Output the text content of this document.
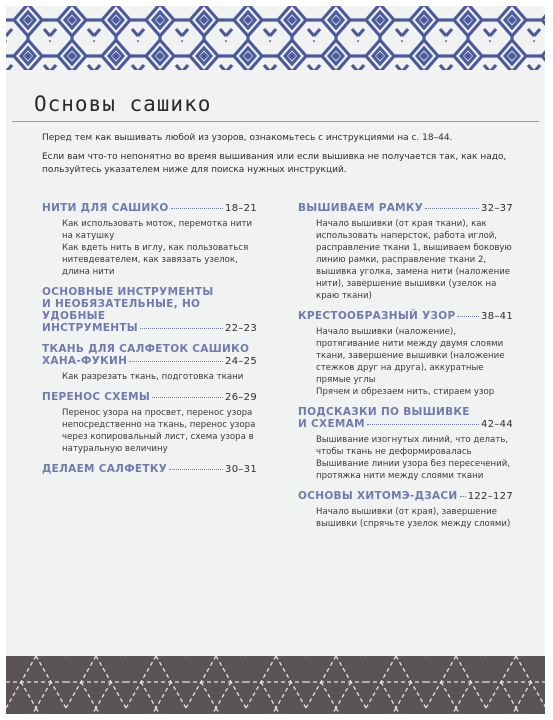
Основы сашико
Перед тем как вышивать любой из узоров, ознакомьтесь с инструкциями на с. 18–44.
Если вам что-то непонятно во время вышивания или если вышивка не получается так, как надо, пользуйтесь указателем ниже для поиска нужных инструкций.
НИТИ ДЛЯ САШИКО	18–21
Как использовать моток, перемотка нити на катушку
Как вдеть нить в иглу, как пользоваться нитевдевателем, как завязать узелок, длина нити
ОСНОВНЫЕ ИНСТРУМЕНТЫ
И НЕОБЯЗАТЕЛЬНЫЕ, НО УДОБНЫЕ
ИНСТРУМЕНТЫ	22–23
ТКАНЬ ДЛЯ САЛФЕТОК САШИКО
ХАНА-ФУКИН	24–25
Как разрезать ткань, подготовка ткани
ПЕРЕНОС СХЕМЫ	26–29
Перенос узора на просвет, перенос узора непосредственно на ткань, перенос узора через копировальный лист, схема узора в натуральную величину
ДЕЛАЕМ САЛФЕТКУ	30–31
ВЫШИВАЕМ РАМКУ	32–37
Начало вышивки (от края ткани), как использовать наперсток, работа иглой, расправление ткани 1, вышиваем боковую линию рамки, расправление ткани 2, вышивка уголка, замена нити (наложение нити), завершение вышивки (узелок на краю ткани)
КРЕСТООБРАЗНЫЙ УЗОР	38–41
Начало вышивки (наложение), протягивание нити между двумя слоями ткани, завершение вышивки (наложение стежков друг на друга), аккуратные прямые углы
Прячем и обрезаем нить, стираем узор
ПОДСКАЗКИ ПО ВЫШИВКЕ
И СХЕМАМ	42–44
Вышивание изогнутых линий, что делать, чтобы ткань не деформировалась
Вышивание линии узора без пересечений, протяжка нити между слоями ткани
ОСНОВЫ ХИТОМЭ-ДЗАСИ 122–127
Начало вышивки (от края), завершение вышивки (спрячьте узелок между слоями)
